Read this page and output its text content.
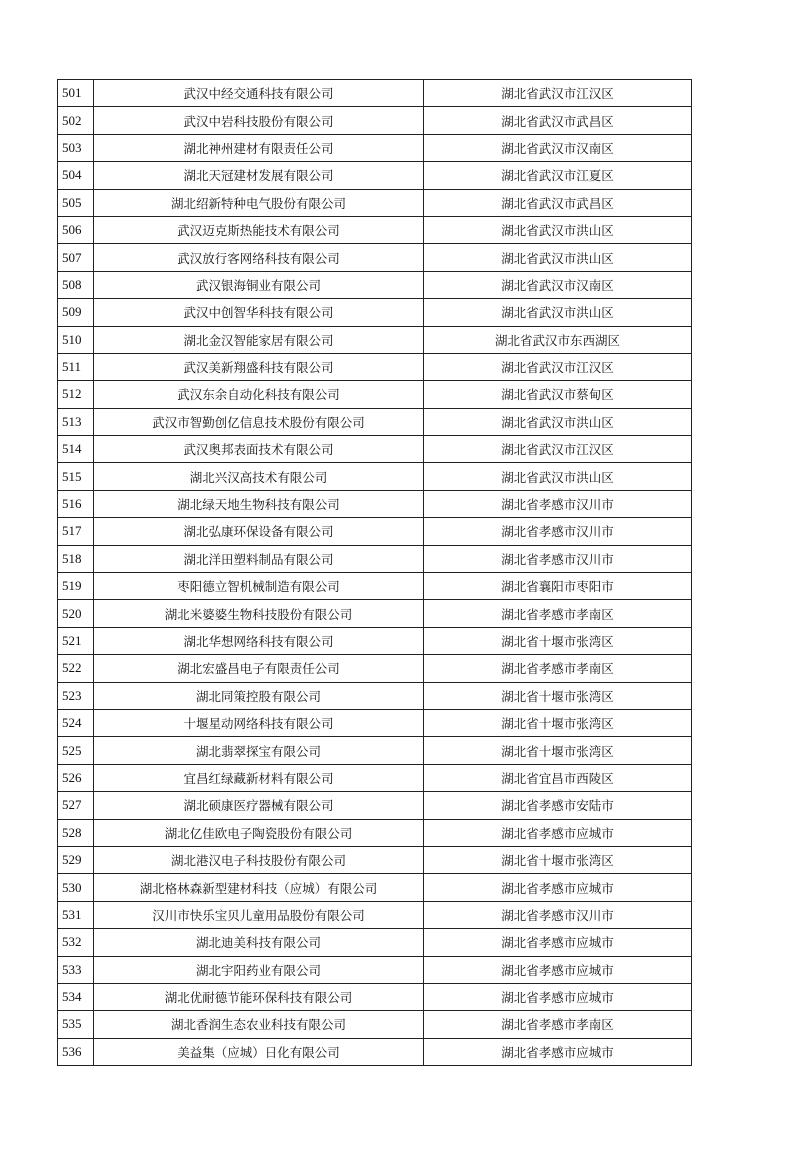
501	武汉中经交通科技有限公司	湖北省武汉市江汉区
502	武汉中岩科技股份有限公司	湖北省武汉市武昌区
503	湖北神州建材有限责任公司	湖北省武汉市汉南区
504	湖北天冠建材发展有限公司	湖北省武汉市江夏区
505	湖北绍新特种电气股份有限公司	湖北省武汉市武昌区
506	武汉迈克斯热能技术有限公司	湖北省武汉市洪山区
507	武汉放行客网络科技有限公司	湖北省武汉市洪山区
508	武汉银海铜业有限公司	湖北省武汉市汉南区
509	武汉中创智华科技有限公司	湖北省武汉市洪山区
510	湖北金汉智能家居有限公司	湖北省武汉市东西湖区
511	武汉美新翔盛科技有限公司	湖北省武汉市江汉区
512	武汉东余自动化科技有限公司	湖北省武汉市蔡甸区
513	武汉市智勤创亿信息技术股份有限公司	湖北省武汉市洪山区
514	武汉奥邦表面技术有限公司	湖北省武汉市江汉区
515	湖北兴汉高技术有限公司	湖北省武汉市洪山区
516	湖北绿天地生物科技有限公司	湖北省孝感市汉川市
517	湖北弘康环保设备有限公司	湖北省孝感市汉川市
518	湖北洋田塑料制品有限公司	湖北省孝感市汉川市
519	枣阳德立智机械制造有限公司	湖北省襄阳市枣阳市
520	湖北米婆婆生物科技股份有限公司	湖北省孝感市孝南区
521	湖北华想网络科技有限公司	湖北省十堰市张湾区
522	湖北宏盛昌电子有限责任公司	湖北省孝感市孝南区
523	湖北同策控股有限公司	湖北省十堰市张湾区
524	十堰星动网络科技有限公司	湖北省十堰市张湾区
525	湖北翡翠探宝有限公司	湖北省十堰市张湾区
526	宜昌红绿藏新材料有限公司	湖北省宜昌市西陵区
527	湖北硕康医疗器械有限公司	湖北省孝感市安陆市
528	湖北亿佳欧电子陶瓷股份有限公司	湖北省孝感市应城市
529	湖北港汉电子科技股份有限公司	湖北省十堰市张湾区
530	湖北格林森新型建材科技（应城）有限公司	湖北省孝感市应城市
531	汉川市快乐宝贝儿童用品股份有限公司	湖北省孝感市汉川市
532	湖北迪美科技有限公司	湖北省孝感市应城市
533	湖北宇阳药业有限公司	湖北省孝感市应城市
534	湖北优耐德节能环保科技有限公司	湖北省孝感市应城市
535	湖北香润生态农业科技有限公司	湖北省孝感市孝南区
536	美益集（应城）日化有限公司	湖北省孝感市应城市
